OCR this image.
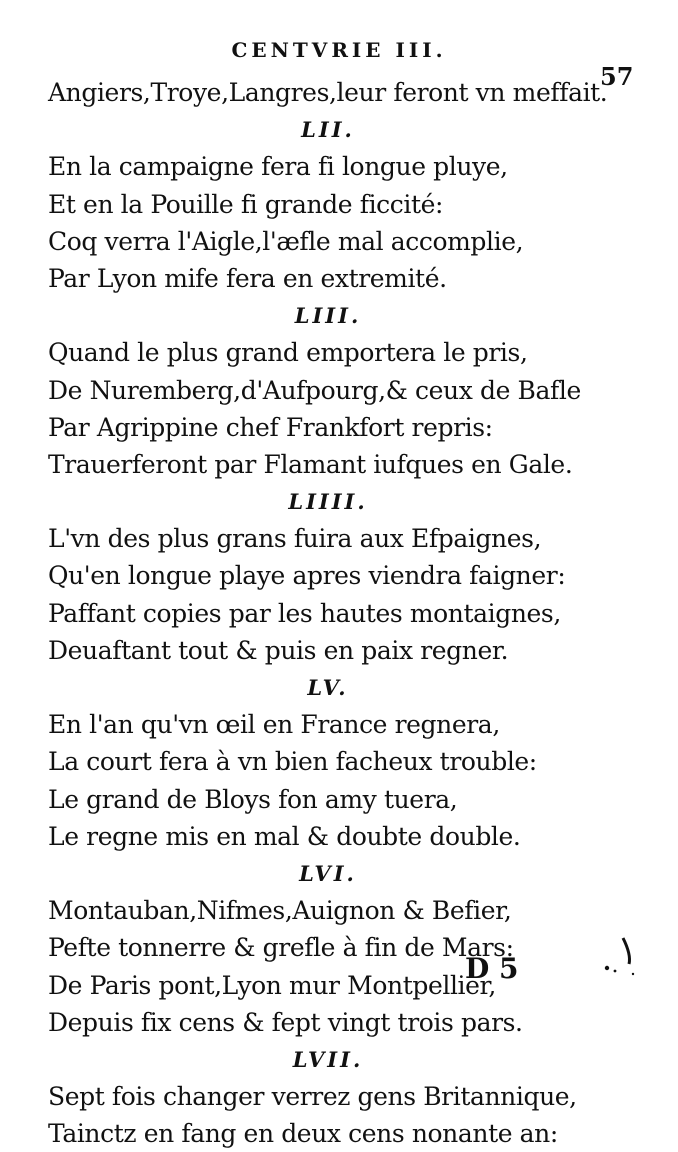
CENTVRIE III.
57
Angiers,Troye,Langres,leur feront vn meffait.
LII.
En la campaigne fera fi longue pluye,
Et en la Pouille fi grande ficcité:
Coq verra l'Aigle,l'æfle mal accomplie,
Par Lyon mife fera en extremité.
LIII.
Quand le plus grand emportera le pris,
De Nuremberg,d'Aufpourg,& ceux de Bafle
Par Agrippine chef Frankfort repris:
Trauerferont par Flamant iufques en Gale.
LIIII.
L'vn des plus grans fuira aux Efpaignes,
Qu'en longue playe apres viendra faigner:
Paffant copies par les hautes montaignes,
Deuaftant tout & puis en paix regner.
LV.
En l'an qu'vn œil en France regnera,
La court fera à vn bien facheux trouble:
Le grand de Bloys fon amy tuera,
Le regne mis en mal & doubte double.
LVI.
Montauban,Nifmes,Auignon & Befier,
Pefte tonnerre & grefle à fin de Mars:
De Paris pont,Lyon mur Montpellier,
Depuis fix cens & fept vingt trois pars.
LVII.
Sept fois changer verrez gens Britannique,
Tainctz en fang en deux cens nonante an:
D 5
